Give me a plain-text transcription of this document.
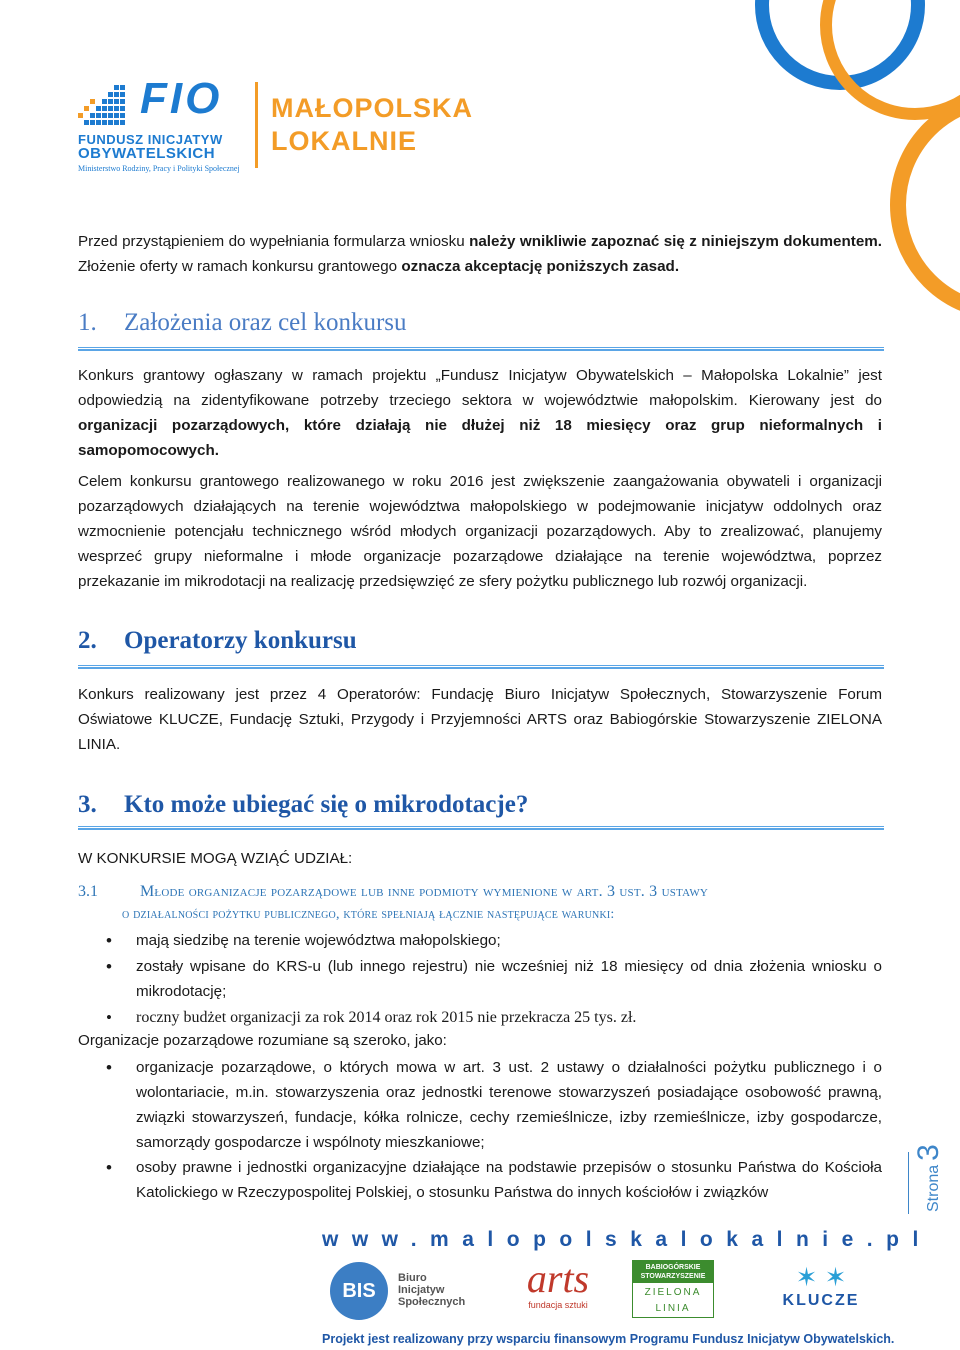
FIO
FUNDUSZ INICJATYW
OBYWATELSKICH
Ministerstwo Rodziny, Pracy i Polityki Społecznej
MAŁOPOLSKA
LOKALNIE
Przed przystąpieniem do wypełniania formularza wniosku należy wnikliwie zapoznać się z niniejszym dokumentem. Złożenie oferty w ramach konkursu grantowego oznacza akceptację poniższych zasad.
1. Założenia oraz cel konkursu
Konkurs grantowy ogłaszany w ramach projektu „Fundusz Inicjatyw Obywatelskich – Małopolska Lokalnie” jest odpowiedzią na zidentyfikowane potrzeby trzeciego sektora w województwie małopolskim. Kierowany jest do organizacji pozarządowych, które działają nie dłużej niż 18 miesięcy oraz grup nieformalnych i samopomocowych.
Celem konkursu grantowego realizowanego w roku 2016 jest zwiększenie zaangażowania obywateli i organizacji pozarządowych działających na terenie województwa małopolskiego w podejmowanie inicjatyw oddolnych oraz wzmocnienie potencjału technicznego wśród młodych organizacji pozarządowych. Aby to zrealizować, planujemy wesprzeć grupy nieformalne i młode organizacje pozarządowe działające na terenie województwa, poprzez przekazanie im mikrodotacji na realizację przedsięwzięć ze sfery pożytku publicznego lub rozwój organizacji.
2. Operatorzy konkursu
Konkurs realizowany jest przez 4 Operatorów: Fundację Biuro Inicjatyw Społecznych, Stowarzyszenie Forum Oświatowe KLUCZE, Fundację Sztuki, Przygody i Przyjemności ARTS oraz Babiogórskie Stowarzyszenie ZIELONA LINIA.
3. Kto może ubiegać się o mikrodotacje?
W KONKURSIE MOGĄ WZIĄĆ UDZIAŁ:
3.1	Młode organizacje pozarządowe lub inne podmioty wymienione w art. 3 ust. 3 ustawy
o działalności pożytku publicznego, które spełniają łącznie następujące warunki:
• mają siedzibę na terenie województwa małopolskiego;
• zostały wpisane do KRS-u (lub innego rejestru) nie wcześniej niż 18 miesięcy od dnia złożenia wniosku o mikrodotację;
• roczny budżet organizacji za rok 2014 oraz rok 2015 nie przekracza 25 tys. zł.
Organizacje pozarządowe rozumiane są szeroko, jako:
• organizacje pozarządowe, o których mowa w art. 3 ust. 2 ustawy o działalności pożytku publicznego i o wolontariacie, m.in. stowarzyszenia oraz jednostki terenowe stowarzyszeń posiadające osobowość prawną, związki stowarzyszeń, fundacje, kółka rolnicze, cechy rzemieślnicze, izby rzemieślnicze, izby gospodarcze, samorządy gospodarcze i wspólnoty mieszkaniowe;
• osoby prawne i jednostki organizacyjne działające na podstawie przepisów o stosunku Państwa do Kościoła Katolickiego w Rzeczypospolitej Polskiej, o stosunku Państwa do innych kościołów i związków	Strona3
www.malopolskalokalnie.pl
BIS
Biuro
Inicjatyw
Społecznych
arts
fundacja sztuki
BABIOGÓRSKIE
STOWARZYSZENIE
ZIELONA
LINIA
✶ ✶
KLUCZE
Projekt jest realizowany przy wsparciu finansowym Programu Fundusz Inicjatyw Obywatelskich.
